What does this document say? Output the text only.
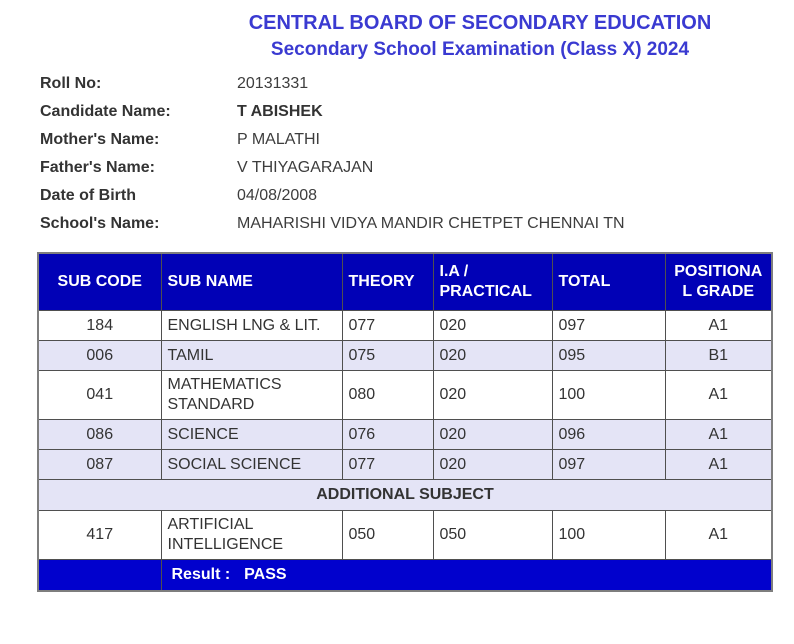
CENTRAL BOARD OF SECONDARY EDUCATION
Secondary School Examination (Class X) 2024
Roll No:	20131331
Candidate Name:	T ABISHEK
Mother's Name:	P MALATHI
Father's Name:	V THIYAGARAJAN
Date of Birth	04/08/2008
School's Name:	MAHARISHI VIDYA MANDIR CHETPET CHENNAI TN
SUB CODE	SUB NAME	THEORY	I.A / PRACTICAL	TOTAL	POSITIONAL GRADE
184	ENGLISH LNG & LIT.	077	020	097	A1
006	TAMIL	075	020	095	B1
041	MATHEMATICS STANDARD	080	020	100	A1
086	SCIENCE	076	020	096	A1
087	SOCIAL SCIENCE	077	020	097	A1
ADDITIONAL SUBJECT					
417	ARTIFICIAL INTELLIGENCE	050	050	100	A1
	Result : PASS				
